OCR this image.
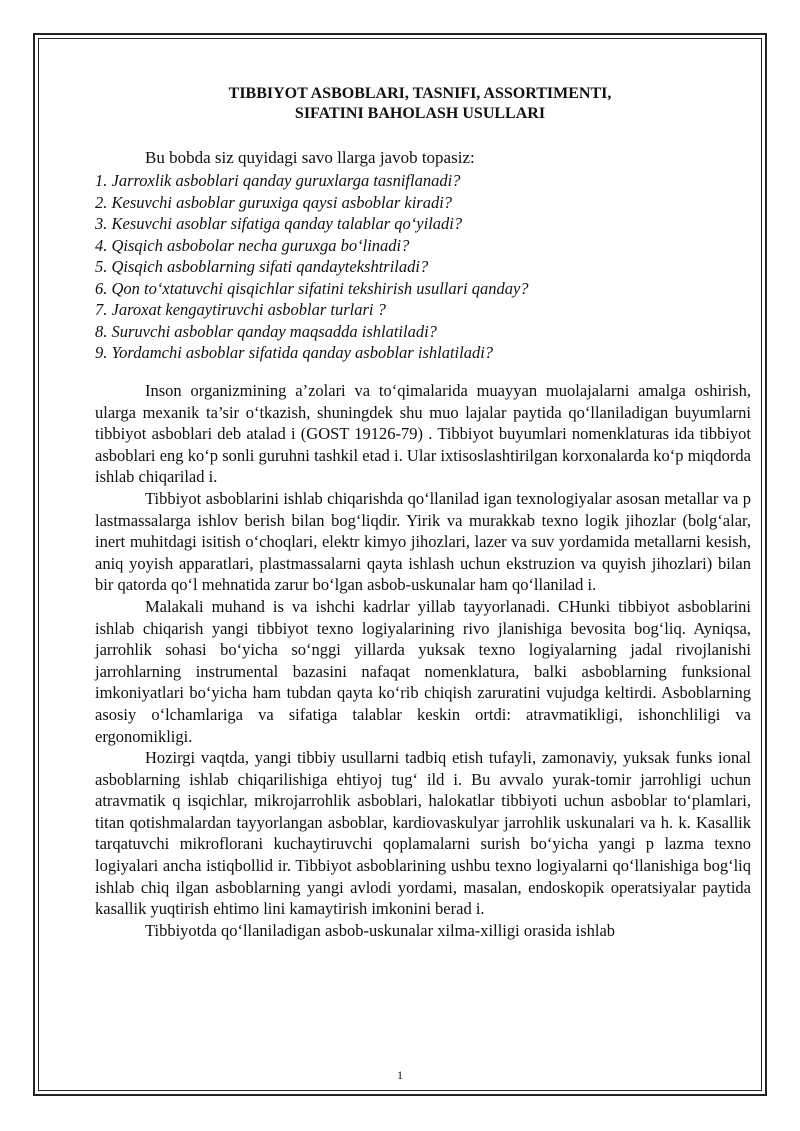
TIBBIYOT ASBOBLARI, TASNIFI, ASSORTIMENTI,
SIFATINI BAHOLASH USULLARI
Bu bobda siz quyidagi savo llarga javob topasiz:
1. Jarroxlik asboblari qanday guruxlarga tasniflanadi?
2. Kesuvchi asboblar guruxiga qaysi asboblar kiradi?
3. Kesuvchi asoblar sifatiga qanday talablar qo‘yiladi?
4. Qisqich asbobolar necha guruxga bo‘linadi?
5. Qisqich asboblarning sifati qandaytekshtriladi?
6. Qon to‘xtatuvchi qisqichlar sifatini tekshirish usullari qanday?
7. Jaroxat kengaytiruvchi asboblar turlari ?
8. Suruvchi asboblar qanday maqsadda ishlatiladi?
9. Yordamchi asboblar sifatida qanday asboblar ishlatiladi?

Inson organizmining a’zolari va to‘qimalarida muayyan muolajalarni amalga oshirish, ularga mexanik ta’sir o‘tkazish, shuningdek shu muo lajalar paytida qo‘llaniladigan buyumlarni tibbiyot asboblari deb atalad i (GOST 19126-79) . Tibbiyot buyumlari nomenklaturas ida tibbiyot asboblari eng ko‘p sonli guruhni tashkil etad i. Ular ixtisoslashtirilgan korxonalarda ko‘p miqdorda ishlab chiqarilad i.

Tibbiyot asboblarini ishlab chiqarishda qo‘llanilad igan texnologiyalar asosan metallar va p lastmassalarga ishlov berish bilan bog‘liqdir. Yirik va murakkab texno logik jihozlar (bolg‘alar, inert muhitdagi isitish o‘choqlari, elektr kimyo jihozlari, lazer va suv yordamida metallarni kesish, aniq yoyish apparatlari, plastmassalarni qayta ishlash uchun ekstruzion va quyish jihozlari) bilan bir qatorda qo‘l mehnatida zarur bo‘lgan asbob-uskunalar ham qo‘llanilad i.

Malakali muhand is va ishchi kadrlar yillab tayyorlanadi. CHunki tibbiyot asboblarini ishlab chiqarish yangi tibbiyot texno logiyalarining rivo jlanishiga bevosita bog‘liq. Ayniqsa, jarrohlik sohasi bo‘yicha so‘nggi yillarda yuksak texno logiyalarning jadal rivojlanishi jarrohlarning instrumental bazasini nafaqat nomenklatura, balki asboblarning funksional imkoniyatlari bo‘yicha ham tubdan qayta ko‘rib chiqish zaruratini vujudga keltirdi. Asboblarning asosiy o‘lchamlariga va sifatiga talablar keskin ortdi: atravmatikligi, ishonchliligi va ergonomikligi.

Hozirgi vaqtda, yangi tibbiy usullarni tadbiq etish tufayli, zamonaviy, yuksak funks ional asboblarning ishlab chiqarilishiga ehtiyoj tug‘ ild i. Bu avvalo yurak-tomir jarrohligi uchun atravmatik q isqichlar, mikrojarrohlik asboblari, halokatlar tibbiyoti uchun asboblar to‘plamlari, titan qotishmalardan tayyorlangan asboblar, kardiovaskulyar jarrohlik uskunalari va h. k. Kasallik tarqatuvchi mikroflorani kuchaytiruvchi qoplamalarni surish bo‘yicha yangi p lazma texno logiyalari ancha istiqbollid ir. Tibbiyot asboblarining ushbu texno logiyalarni qo‘llanishiga bog‘liq ishlab chiq ilgan asboblarning yangi avlodi yordami, masalan, endoskopik operatsiyalar paytida kasallik yuqtirish ehtimo lini kamaytirish imkonini berad i.

Tibbiyotda qo‘llaniladigan asbob-uskunalar xilma-xilligi orasida ishlab

1
